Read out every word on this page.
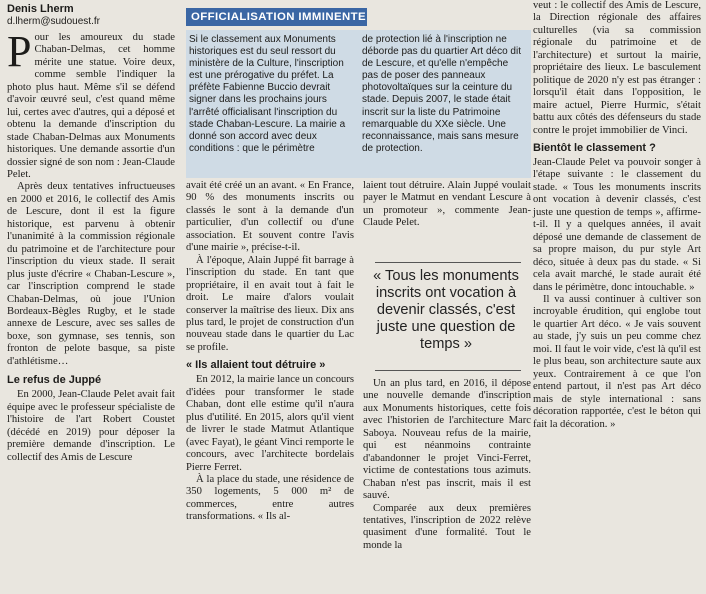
Denis Lherm
d.lherm@sudouest.fr

Pour les amoureux du stade Chaban-Delmas, cet homme mérite une statue. Voire deux, comme semble l'indiquer la photo plus haut. Même s'il se défend d'avoir œuvré seul, c'est quand même lui, certes avec d'autres, qui a déposé et obtenu la demande d'inscription du stade Chaban-Delmas aux Monuments historiques. Une demande assortie d'un dossier signé de son nom : Jean-Claude Pelet.

Après deux tentatives infructueuses en 2000 et 2016, le collectif des Amis de Lescure, dont il est la figure historique, est parvenu à obtenir l'unanimité à la commission régionale du patrimoine et de l'architecture pour l'inscription du vieux stade. Il serait plus juste d'écrire « Chaban-Lescure », car l'inscription comprend le stade Chaban-Delmas, où joue l'Union Bordeaux-Bègles Rugby, et le stade annexe de Lescure, avec ses salles de boxe, son gymnase, ses tennis, son fronton de pelote basque, sa piste d'athlétisme…

Le refus de Juppé

En 2000, Jean-Claude Pelet avait fait équipe avec le professeur spécialiste de l'histoire de l'art Robert Coustet (décédé en 2019) pour déposer la première demande d'inscription. Le collectif des Amis de Lescure

OFFICIALISATION IMMINENTE
Si le classement aux Monuments historiques est du seul ressort du ministère de la Culture, l'inscription est une prérogative du préfet. La préfète Fabienne Buccio devrait signer dans les prochains jours l'arrêté officialisant l'inscription du stade Chaban-Lescure. La mairie a donné son accord avec deux conditions : que le périmètre
de protection lié à l'inscription ne déborde pas du quartier Art déco dit de Lescure, et qu'elle n'empêche pas de poser des panneaux photovoltaïques sur la ceinture du stade. Depuis 2007, le stade était inscrit sur la liste du Patrimoine remarquable du XXe siècle. Une reconnaissance, mais sans mesure de protection.

avait été créé un an avant. « En France, 90 % des monuments inscrits ou classés le sont à la demande d'un particulier, d'un collectif ou d'une association. Et souvent contre l'avis d'une mairie », précise-t-il.

À l'époque, Alain Juppé fit barrage à l'inscription du stade. En tant que propriétaire, il en avait tout à fait le droit. Le maire d'alors voulait conserver la maîtrise des lieux. Dix ans plus tard, le projet de construction d'un nouveau stade dans le quartier du Lac se profile.

« Ils allaient tout détruire »

En 2012, la mairie lance un concours d'idées pour transformer le stade Chaban, dont elle estime qu'il n'aura plus d'utilité. En 2015, alors qu'il vient de livrer le stade Matmut Atlantique (avec Fayat), le géant Vinci remporte le concours, avec l'architecte bordelais Pierre Ferret.

À la place du stade, une résidence de 350 logements, 5 000 m² de commerces, entre autres transformations. « Ils al-

laient tout détruire. Alain Juppé voulait payer le Matmut en vendant Lescure à un promoteur », commente Jean-Claude Pelet.

« Tous les monuments inscrits ont vocation à devenir classés, c'est juste une question de temps »

Un an plus tard, en 2016, il dépose une nouvelle demande d'inscription aux Monuments historiques, cette fois avec l'historien de l'architecture Marc Saboya. Nouveau refus de la mairie, qui est néanmoins contrainte d'abandonner le projet Vinci-Ferret, victime de contestations tous azimuts. Chaban n'est pas inscrit, mais il est sauvé.

Comparée aux deux premières tentatives, l'inscription de 2022 relève quasiment d'une formalité. Tout le monde la

veut : le collectif des Amis de Lescure, la Direction régionale des affaires culturelles (via sa commission régionale du patrimoine et de l'architecture) et surtout la mairie, propriétaire des lieux. Le basculement politique de 2020 n'y est pas étranger : lorsqu'il était dans l'opposition, le maire actuel, Pierre Hurmic, s'était battu aux côtés des défenseurs du stade contre le projet immobilier de Vinci.

Bientôt le classement ?

Jean-Claude Pelet va pouvoir songer à l'étape suivante : le classement du stade. « Tous les monuments inscrits ont vocation à devenir classés, c'est juste une question de temps », affirme-t-il. Il y a quelques années, il avait déposé une demande de classement de sa propre maison, du pur style Art déco, située à deux pas du stade. « Si cela avait marché, le stade aurait été dans le périmètre, donc intouchable. »

Il va aussi continuer à cultiver son incroyable érudition, qui englobe tout le quartier Art déco. « Je vais souvent au stade, j'y suis un peu comme chez moi. Il faut le voir vide, c'est là qu'il est le plus beau, son architecture saute aux yeux. Contrairement à ce que l'on entend partout, il n'est pas Art déco mais de style international : sans décoration rapportée, c'est le béton qui fait la décoration. »
